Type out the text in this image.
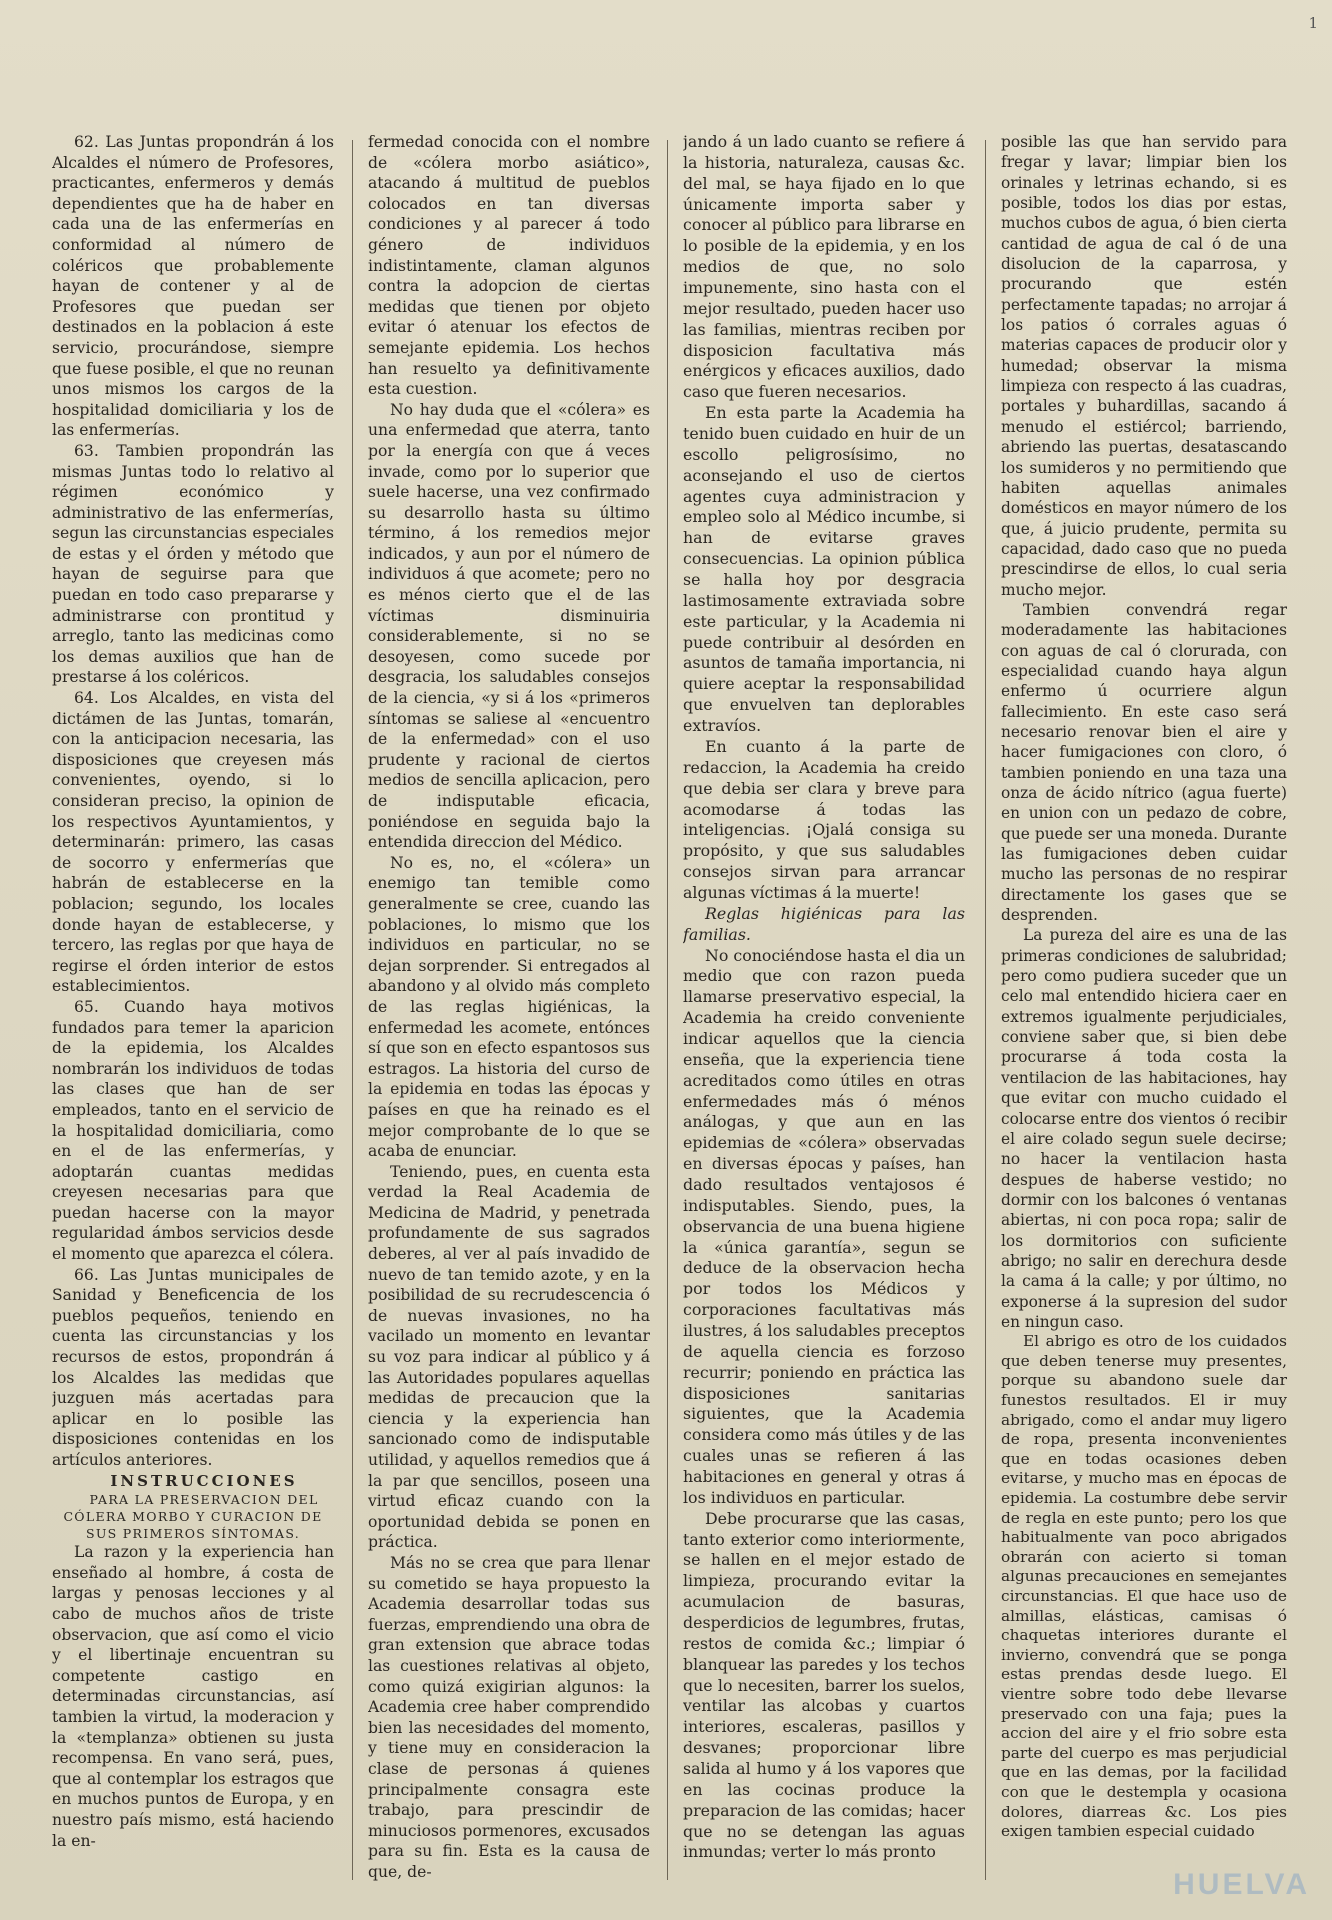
1

62. Las Juntas propondrán á los Alcaldes el número de Profesores, practicantes, enfermeros y demás dependientes que ha de haber en cada una de las enfermerías en conformidad al número de coléricos que probablemente hayan de contener y al de Profesores que puedan ser destinados en la poblacion á este servicio, procurándose, siempre que fuese posible, el que no reunan unos mismos los cargos de la hospitalidad domiciliaria y los de las enfermerías.

63. Tambien propondrán las mismas Juntas todo lo relativo al régimen económico y administrativo de las enfermerías, segun las circunstancias especiales de estas y el órden y método que hayan de seguirse para que puedan en todo caso prepararse y administrarse con prontitud y arreglo, tanto las medicinas como los demas auxilios que han de prestarse á los coléricos.

64. Los Alcaldes, en vista del dictámen de las Juntas, tomarán, con la anticipacion necesaria, las disposiciones que creyesen más convenientes, oyendo, si lo consideran preciso, la opinion de los respectivos Ayuntamientos, y determinarán: primero, las casas de socorro y enfermerías que habrán de establecerse en la poblacion; segundo, los locales donde hayan de establecerse, y tercero, las reglas por que haya de regirse el órden interior de estos establecimientos.

65. Cuando haya motivos fundados para temer la aparicion de la epidemia, los Alcaldes nombrarán los individuos de todas las clases que han de ser empleados, tanto en el servicio de la hospitalidad domiciliaria, como en el de las enfermerías, y adoptarán cuantas medidas creyesen necesarias para que puedan hacerse con la mayor regularidad ámbos servicios desde el momento que aparezca el cólera.

66. Las Juntas municipales de Sanidad y Beneficencia de los pueblos pequeños, teniendo en cuenta las circunstancias y los recursos de estos, propondrán á los Alcaldes las medidas que juzguen más acertadas para aplicar en lo posible las disposiciones contenidas en los artículos anteriores.

INSTRUCCIONES

PARA LA PRESERVACION DEL CÓLERA MORBO Y CURACION DE SUS PRIMEROS SÍNTOMAS.

La razon y la experiencia han enseñado al hombre, á costa de largas y penosas lecciones y al cabo de muchos años de triste observacion, que así como el vicio y el libertinaje encuentran su competente castigo en determinadas circunstancias, así tambien la virtud, la moderacion y la «templanza» obtienen su justa recompensa. En vano será, pues, que al contemplar los estragos que en muchos puntos de Europa, y en nuestro país mismo, está haciendo la en-

fermedad conocida con el nombre de «cólera morbo asiático», atacando á multitud de pueblos colocados en tan diversas condiciones y al parecer á todo género de individuos indistintamente, claman algunos contra la adopcion de ciertas medidas que tienen por objeto evitar ó atenuar los efectos de semejante epidemia. Los hechos han resuelto ya definitivamente esta cuestion.

No hay duda que el «cólera» es una enfermedad que aterra, tanto por la energía con que á veces invade, como por lo superior que suele hacerse, una vez confirmado su desarrollo hasta su último término, á los remedios mejor indicados, y aun por el número de individuos á que acomete; pero no es ménos cierto que el de las víctimas disminuiria considerablemente, si no se desoyesen, como sucede por desgracia, los saludables consejos de la ciencia, «y si á los «primeros síntomas se saliese al «encuentro de la enfermedad» con el uso prudente y racional de ciertos medios de sencilla aplicacion, pero de indisputable eficacia, poniéndose en seguida bajo la entendida direccion del Médico.

No es, no, el «cólera» un enemigo tan temible como generalmente se cree, cuando las poblaciones, lo mismo que los individuos en particular, no se dejan sorprender. Si entregados al abandono y al olvido más completo de las reglas higiénicas, la enfermedad les acomete, entónces sí que son en efecto espantosos sus estragos. La historia del curso de la epidemia en todas las épocas y países en que ha reinado es el mejor comprobante de lo que se acaba de enunciar.

Teniendo, pues, en cuenta esta verdad la Real Academia de Medicina de Madrid, y penetrada profundamente de sus sagrados deberes, al ver al país invadido de nuevo de tan temido azote, y en la posibilidad de su recrudescencia ó de nuevas invasiones, no ha vacilado un momento en levantar su voz para indicar al público y á las Autoridades populares aquellas medidas de precaucion que la ciencia y la experiencia han sancionado como de indisputable utilidad, y aquellos remedios que á la par que sencillos, poseen una virtud eficaz cuando con la oportunidad debida se ponen en práctica.

Más no se crea que para llenar su cometido se haya propuesto la Academia desarrollar todas sus fuerzas, emprendiendo una obra de gran extension que abrace todas las cuestiones relativas al objeto, como quizá exigirian algunos: la Academia cree haber comprendido bien las necesidades del momento, y tiene muy en consideracion la clase de personas á quienes principalmente consagra este trabajo, para prescindir de minuciosos pormenores, excusados para su fin. Esta es la causa de que, de-

jando á un lado cuanto se refiere á la historia, naturaleza, causas &c. del mal, se haya fijado en lo que únicamente importa saber y conocer al público para librarse en lo posible de la epidemia, y en los medios de que, no solo impunemente, sino hasta con el mejor resultado, pueden hacer uso las familias, mientras reciben por disposicion facultativa más enérgicos y eficaces auxilios, dado caso que fueren necesarios.

En esta parte la Academia ha tenido buen cuidado en huir de un escollo peligrosísimo, no aconsejando el uso de ciertos agentes cuya administracion y empleo solo al Médico incumbe, si han de evitarse graves consecuencias. La opinion pública se halla hoy por desgracia lastimosamente extraviada sobre este particular, y la Academia ni puede contribuir al desórden en asuntos de tamaña importancia, ni quiere aceptar la responsabilidad que envuelven tan deplorables extravíos.

En cuanto á la parte de redaccion, la Academia ha creido que debia ser clara y breve para acomodarse á todas las inteligencias. ¡Ojalá consiga su propósito, y que sus saludables consejos sirvan para arrancar algunas víctimas á la muerte!

Reglas higiénicas para las familias.

No conociéndose hasta el dia un medio que con razon pueda llamarse preservativo especial, la Academia ha creido conveniente indicar aquellos que la ciencia enseña, que la experiencia tiene acreditados como útiles en otras enfermedades más ó ménos análogas, y que aun en las epidemias de «cólera» observadas en diversas épocas y países, han dado resultados ventajosos é indisputables. Siendo, pues, la observancia de una buena higiene la «única garantía», segun se deduce de la observacion hecha por todos los Médicos y corporaciones facultativas más ilustres, á los saludables preceptos de aquella ciencia es forzoso recurrir; poniendo en práctica las disposiciones sanitarias siguientes, que la Academia considera como más útiles y de las cuales unas se refieren á las habitaciones en general y otras á los individuos en particular.

Debe procurarse que las casas, tanto exterior como interiormente, se hallen en el mejor estado de limpieza, procurando evitar la acumulacion de basuras, desperdicios de legumbres, frutas, restos de comida &c.; limpiar ó blanquear las paredes y los techos que lo necesiten, barrer los suelos, ventilar las alcobas y cuartos interiores, escaleras, pasillos y desvanes; proporcionar libre salida al humo y á los vapores que en las cocinas produce la preparacion de las comidas; hacer que no se detengan las aguas inmundas; verter lo más pronto

posible las que han servido para fregar y lavar; limpiar bien los orinales y letrinas echando, si es posible, todos los dias por estas, muchos cubos de agua, ó bien cierta cantidad de agua de cal ó de una disolucion de la caparrosa, y procurando que estén perfectamente tapadas; no arrojar á los patios ó corrales aguas ó materias capaces de producir olor y humedad; observar la misma limpieza con respecto á las cuadras, portales y buhardillas, sacando á menudo el estiércol; barriendo, abriendo las puertas, desatascando los sumideros y no permitiendo que habiten aquellas animales domésticos en mayor número de los que, á juicio prudente, permita su capacidad, dado caso que no pueda prescindirse de ellos, lo cual seria mucho mejor.

Tambien convendrá regar moderadamente las habitaciones con aguas de cal ó clorurada, con especialidad cuando haya algun enfermo ú ocurriere algun fallecimiento. En este caso será necesario renovar bien el aire y hacer fumigaciones con cloro, ó tambien poniendo en una taza una onza de ácido nítrico (agua fuerte) en union con un pedazo de cobre, que puede ser una moneda. Durante las fumigaciones deben cuidar mucho las personas de no respirar directamente los gases que se desprenden.

La pureza del aire es una de las primeras condiciones de salubridad; pero como pudiera suceder que un celo mal entendido hiciera caer en extremos igualmente perjudiciales, conviene saber que, si bien debe procurarse á toda costa la ventilacion de las habitaciones, hay que evitar con mucho cuidado el colocarse entre dos vientos ó recibir el aire colado segun suele decirse; no hacer la ventilacion hasta despues de haberse vestido; no dormir con los balcones ó ventanas abiertas, ni con poca ropa; salir de los dormitorios con suficiente abrigo; no salir en derechura desde la cama á la calle; y por último, no exponerse á la supresion del sudor en ningun caso.

El abrigo es otro de los cuidados que deben tenerse muy presentes, porque su abandono suele dar funestos resultados. El ir muy abrigado, como el andar muy ligero de ropa, presenta inconvenientes que en todas ocasiones deben evitarse, y mucho mas en épocas de epidemia. La costumbre debe servir de regla en este punto; pero los que habitualmente van poco abrigados obrarán con acierto si toman algunas precauciones en semejantes circunstancias. El que hace uso de almillas, elásticas, camisas ó chaquetas interiores durante el invierno, convendrá que se ponga estas prendas desde luego. El vientre sobre todo debe llevarse preservado con una faja; pues la accion del aire y el frio sobre esta parte del cuerpo es mas perjudicial que en las demas, por la facilidad con que le destempla y ocasiona dolores, diarreas &c. Los pies exigen tambien especial cuidado

HUELVA
